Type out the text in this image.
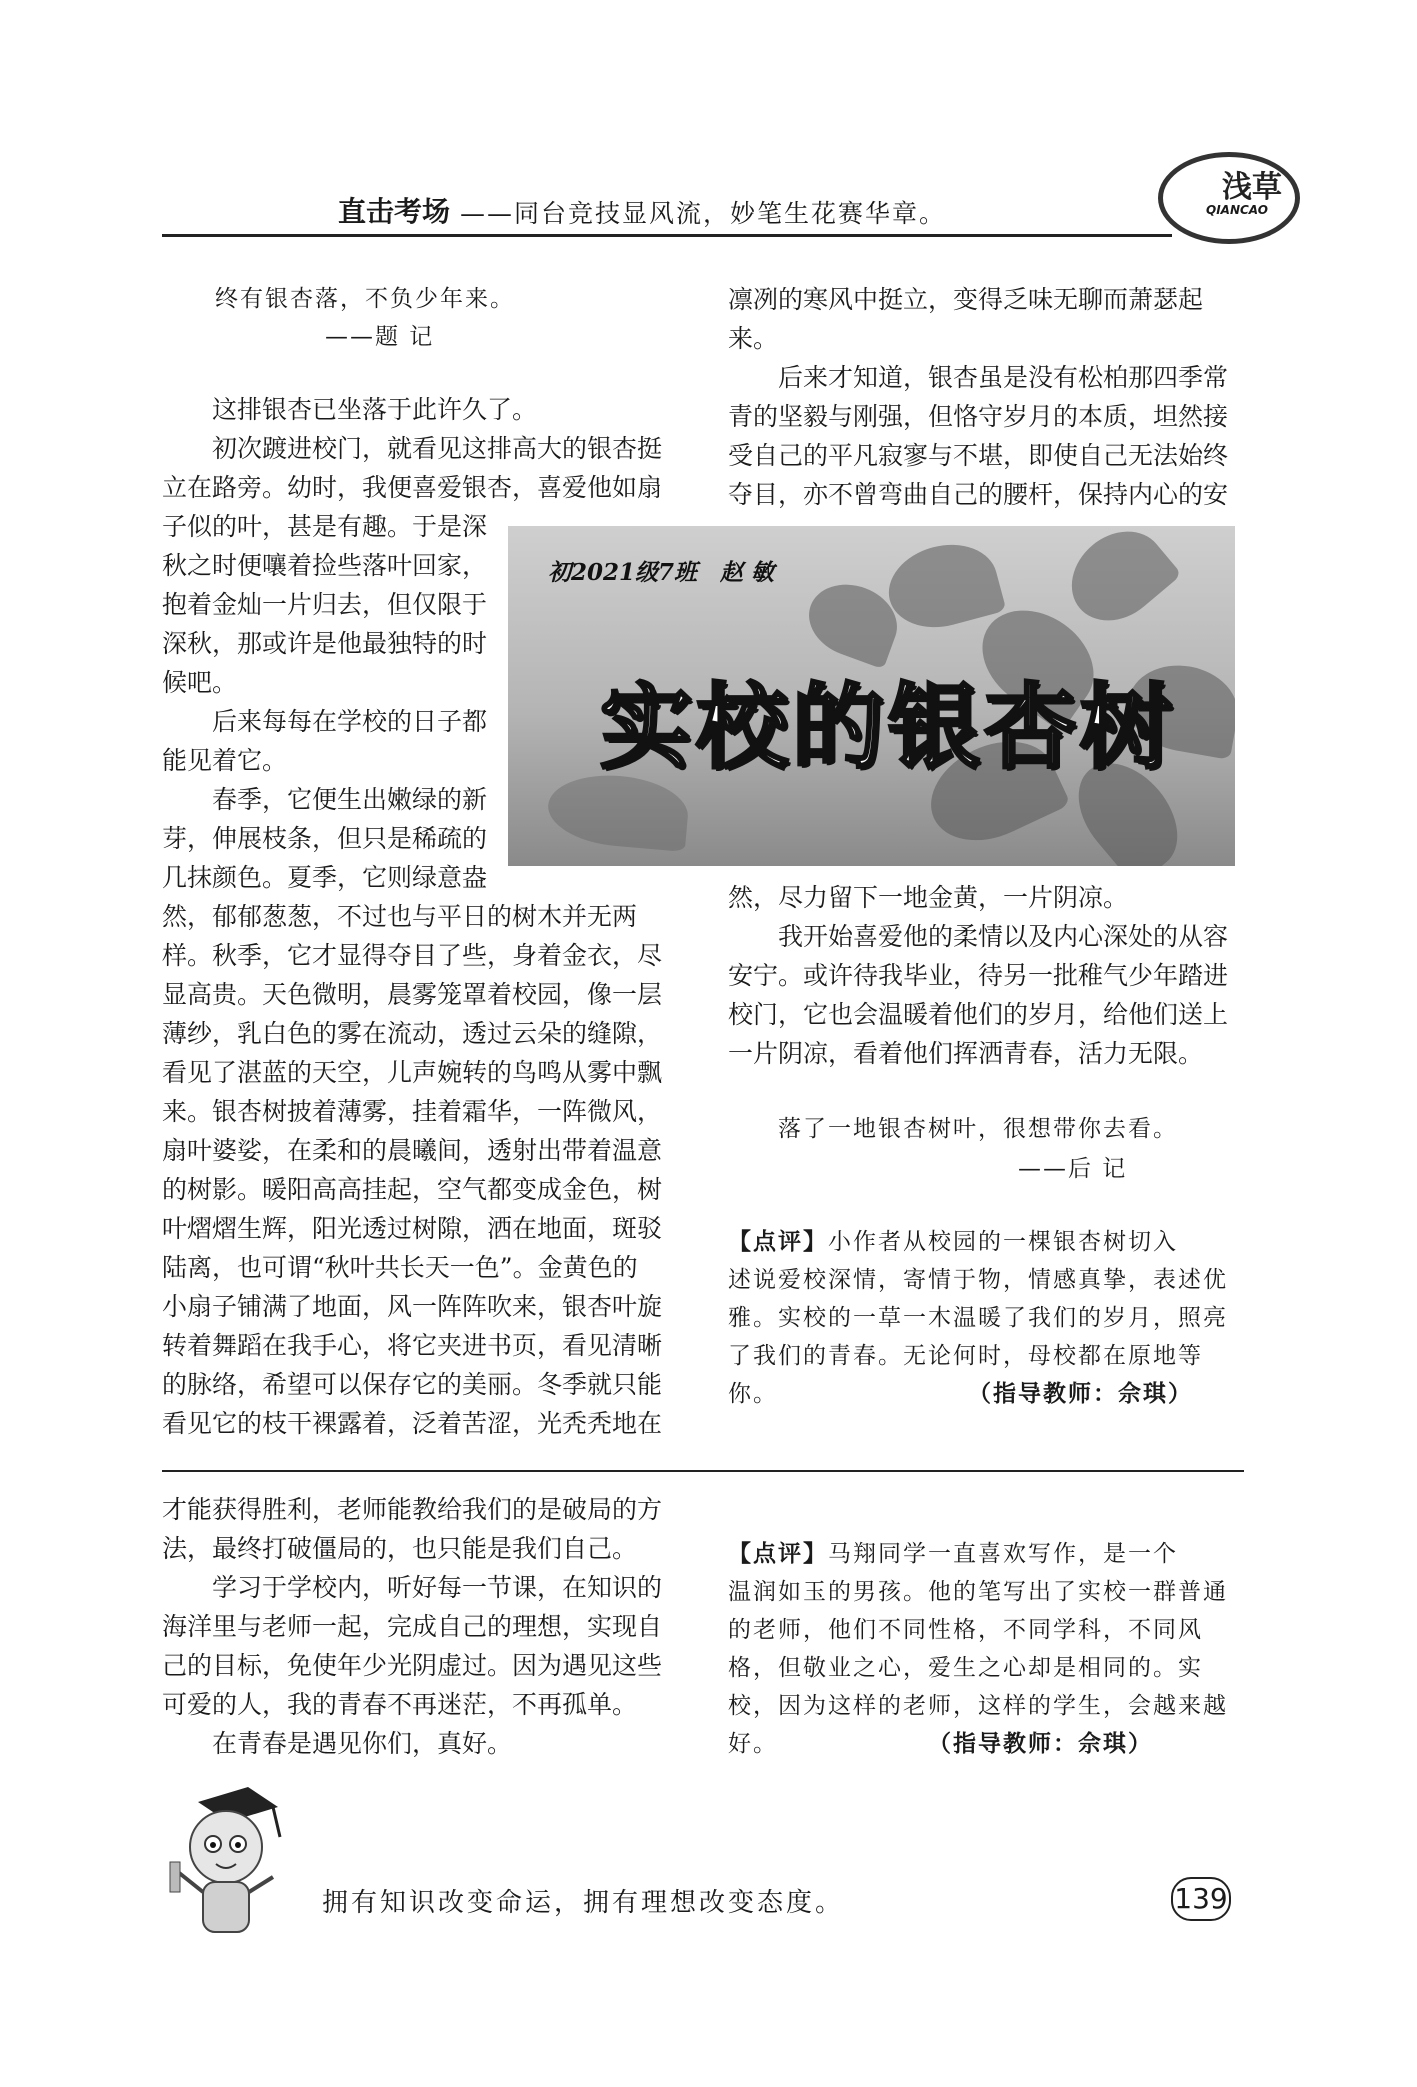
浅草
QIANCAO
直击考场 ——同台竞技显风流，妙笔生花赛华章。
终有银杏落，不负少年来。
——题 记
　　这排银杏已坐落于此许久了。
　　初次踱进校门，就看见这排高大的银杏挺
立在路旁。幼时，我便喜爱银杏，喜爱他如扇
子似的叶，甚是有趣。于是深
秋之时便嚷着捡些落叶回家，
抱着金灿一片归去，但仅限于
深秋，那或许是他最独特的时
候吧。
　　后来每每在学校的日子都
能见着它。
　　春季，它便生出嫩绿的新
芽，伸展枝条，但只是稀疏的
几抹颜色。夏季，它则绿意盎
然，郁郁葱葱，不过也与平日的树木并无两
样。秋季，它才显得夺目了些，身着金衣，尽
显高贵。天色微明，晨雾笼罩着校园，像一层
薄纱，乳白色的雾在流动，透过云朵的缝隙，
看见了湛蓝的天空，儿声婉转的鸟鸣从雾中飘
来。银杏树披着薄雾，挂着霜华，一阵微风，
扇叶婆娑，在柔和的晨曦间，透射出带着温意
的树影。暖阳高高挂起，空气都变成金色，树
叶熠熠生辉，阳光透过树隙，洒在地面，斑驳
陆离，也可谓“秋叶共长天一色”。金黄色的
小扇子铺满了地面，风一阵阵吹来，银杏叶旋
转着舞蹈在我手心，将它夹进书页，看见清晰
的脉络，希望可以保存它的美丽。冬季就只能
看见它的枝干裸露着，泛着苦涩，光秃秃地在
凛冽的寒风中挺立，变得乏味无聊而萧瑟起
来。
　　后来才知道，银杏虽是没有松柏那四季常
青的坚毅与刚强，但恪守岁月的本质，坦然接
受自己的平凡寂寥与不堪，即使自己无法始终
夺目，亦不曾弯曲自己的腰杆，保持内心的安
初2021级7班　赵 敏
实校的银杏树
然，尽力留下一地金黄，一片阴凉。
　　我开始喜爱他的柔情以及内心深处的从容
安宁。或许待我毕业，待另一批稚气少年踏进
校门，它也会温暖着他们的岁月，给他们送上
一片阴凉，看着他们挥洒青春，活力无限。
落了一地银杏树叶，很想带你去看。
——后 记
【点评】小作者从校园的一棵银杏树切入
述说爱校深情，寄情于物，情感真挚，表述优
雅。实校的一草一木温暖了我们的岁月，照亮
了我们的青春。无论何时，母校都在原地等
你。	（指导教师：佘琪）
才能获得胜利，老师能教给我们的是破局的方
法，最终打破僵局的，也只能是我们自己。
　　学习于学校内，听好每一节课，在知识的
海洋里与老师一起，完成自己的理想，实现自
己的目标，免使年少光阴虚过。因为遇见这些
可爱的人，我的青春不再迷茫，不再孤单。
　　在青春是遇见你们，真好。
【点评】马翔同学一直喜欢写作，是一个
温润如玉的男孩。他的笔写出了实校一群普通
的老师，他们不同性格，不同学科，不同风
格，但敬业之心，爱生之心却是相同的。实
校，因为这样的老师，这样的学生，会越来越
好。	（指导教师：佘琪）
拥有知识改变命运，拥有理想改变态度。	139
